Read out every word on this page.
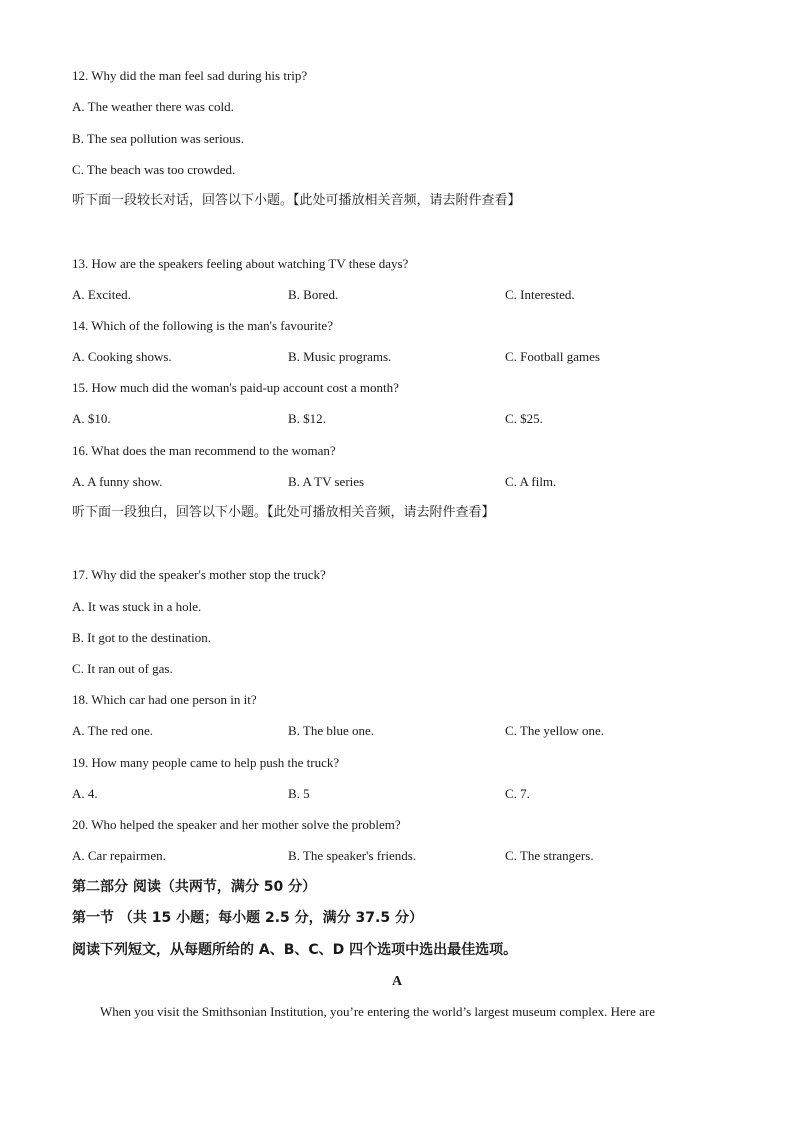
12. Why did the man feel sad during his trip?
A. The weather there was cold.
B. The sea pollution was serious.
C. The beach was too crowded.
听下面一段较长对话，回答以下小题。【此处可播放相关音频，请去附件查看】
13. How are the speakers feeling about watching TV these days?
A. Excited.	B. Bored.	C. Interested.
14. Which of the following is the man's favourite?
A. Cooking shows.	B. Music programs.	C. Football games
15. How much did the woman's paid-up account cost a month?
A. $10.	B. $12.	C. $25.
16. What does the man recommend to the woman?
A. A funny show.	B. A TV series	C. A film.
听下面一段独白，回答以下小题。【此处可播放相关音频，请去附件查看】
17. Why did the speaker's mother stop the truck?
A. It was stuck in a hole.
B. It got to the destination.
C. It ran out of gas.
18. Which car had one person in it?
A. The red one.	B. The blue one.	C. The yellow one.
19. How many people came to help push the truck?
A. 4.	B. 5	C. 7.
20. Who helped the speaker and her mother solve the problem?
A. Car repairmen.	B. The speaker's friends.	C. The strangers.
第二部分 阅读（共两节，满分 50 分）
第一节 （共 15 小题；每小题 2.5 分，满分 37.5 分）
阅读下列短文，从每题所给的 A、B、C、D 四个选项中选出最佳选项。
A
When you visit the Smithsonian Institution, you’re entering the world’s largest museum complex. Here are
